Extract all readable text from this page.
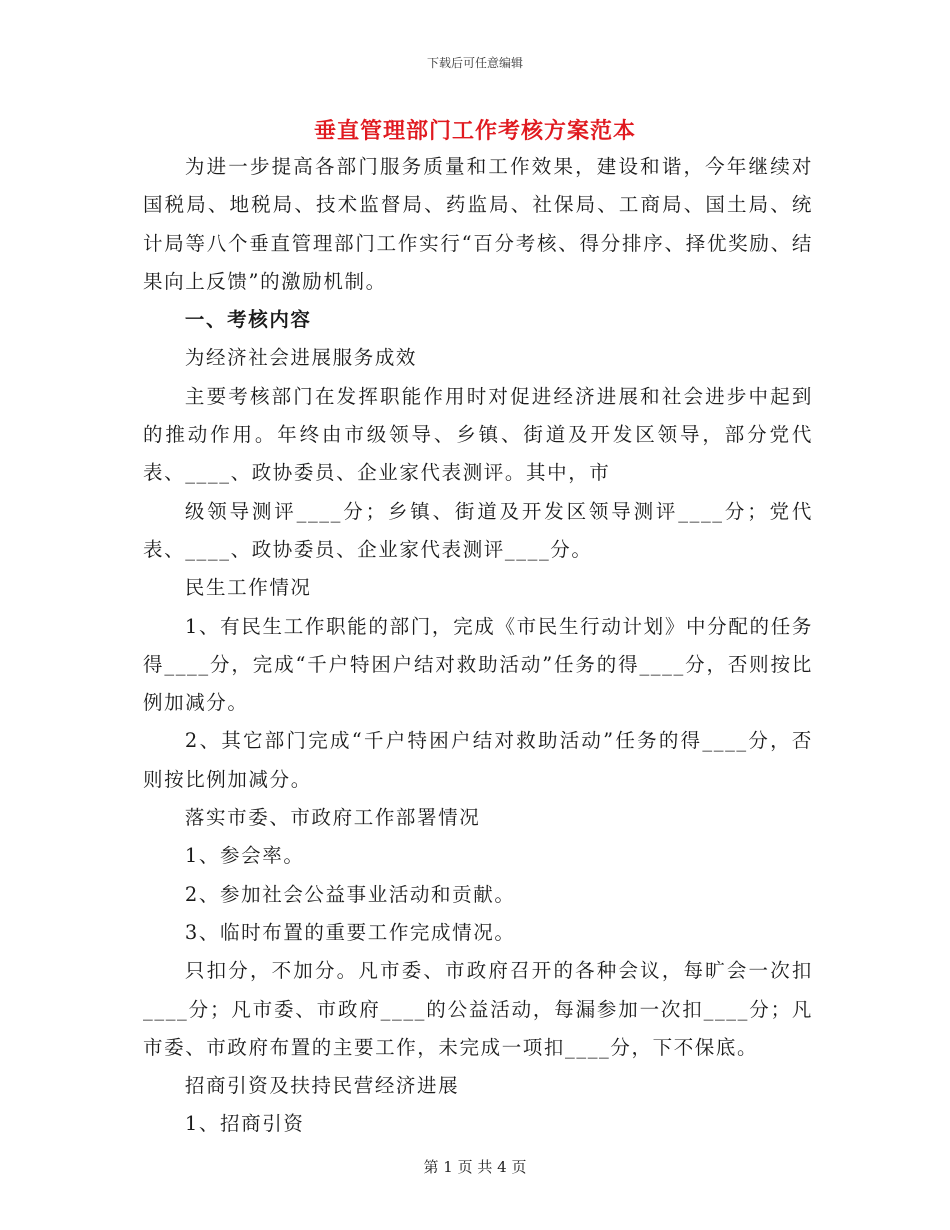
下载后可任意编辑
垂直管理部门工作考核方案范本

为进一步提高各部门服务质量和工作效果，建设和谐，今年继续对国税局、地税局、技术监督局、药监局、社保局、工商局、国土局、统计局等八个垂直管理部门工作实行“百分考核、得分排序、择优奖励、结果向上反馈”的激励机制。

一、考核内容

为经济社会进展服务成效

主要考核部门在发挥职能作用时对促进经济进展和社会进步中起到的推动作用。年终由市级领导、乡镇、街道及开发区领导，部分党代表、____、政协委员、企业家代表测评。其中，市

级领导测评____分；乡镇、街道及开发区领导测评____分；党代表、____、政协委员、企业家代表测评____分。

民生工作情况

1、有民生工作职能的部门，完成《市民生行动计划》中分配的任务得____分，完成“千户特困户结对救助活动”任务的得____分，否则按比例加减分。

2、其它部门完成“千户特困户结对救助活动”任务的得____分，否则按比例加减分。

落实市委、市政府工作部署情况

1、参会率。

2、参加社会公益事业活动和贡献。

3、临时布置的重要工作完成情况。

只扣分，不加分。凡市委、市政府召开的各种会议，每旷会一次扣____分；凡市委、市政府____的公益活动，每漏参加一次扣____分；凡市委、市政府布置的主要工作，未完成一项扣____分，下不保底。

招商引资及扶持民营经济进展

1、招商引资

第 1 页 共 4 页
